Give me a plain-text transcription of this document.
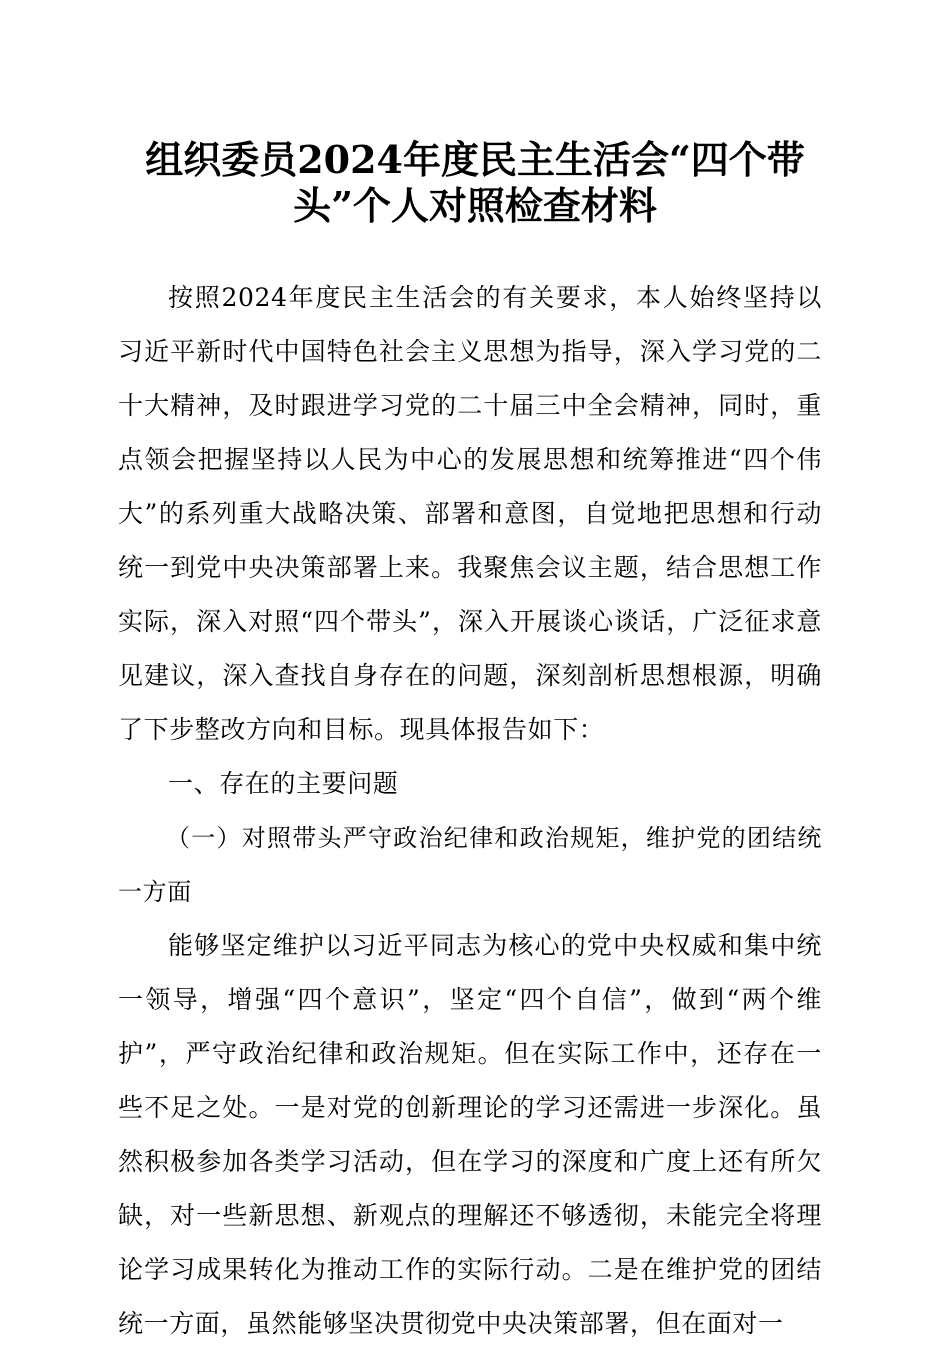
组织委员2024年度民主生活会“四个带
头”个人对照检查材料

按照2024年度民主生活会的有关要求，本人始终坚持以习近平新时代中国特色社会主义思想为指导，深入学习党的二十大精神，及时跟进学习党的二十届三中全会精神，同时，重点领会把握坚持以人民为中心的发展思想和统筹推进“四个伟大”的系列重大战略决策、部署和意图，自觉地把思想和行动统一到党中央决策部署上来。我聚焦会议主题，结合思想工作实际，深入对照“四个带头”，深入开展谈心谈话，广泛征求意见建议，深入查找自身存在的问题，深刻剖析思想根源，明确了下步整改方向和目标。现具体报告如下：

一、存在的主要问题

（一）对照带头严守政治纪律和政治规矩，维护党的团结统一方面

能够坚定维护以习近平同志为核心的党中央权威和集中统一领导，增强“四个意识”，坚定“四个自信”，做到“两个维护”，严守政治纪律和政治规矩。但在实际工作中，还存在一些不足之处。一是对党的创新理论的学习还需进一步深化。虽然积极参加各类学习活动，但在学习的深度和广度上还有所欠缺，对一些新思想、新观点的理解还不够透彻，未能完全将理论学习成果转化为推动工作的实际行动。二是在维护党的团结统一方面，虽然能够坚决贯彻党中央决策部署，但在面对一
